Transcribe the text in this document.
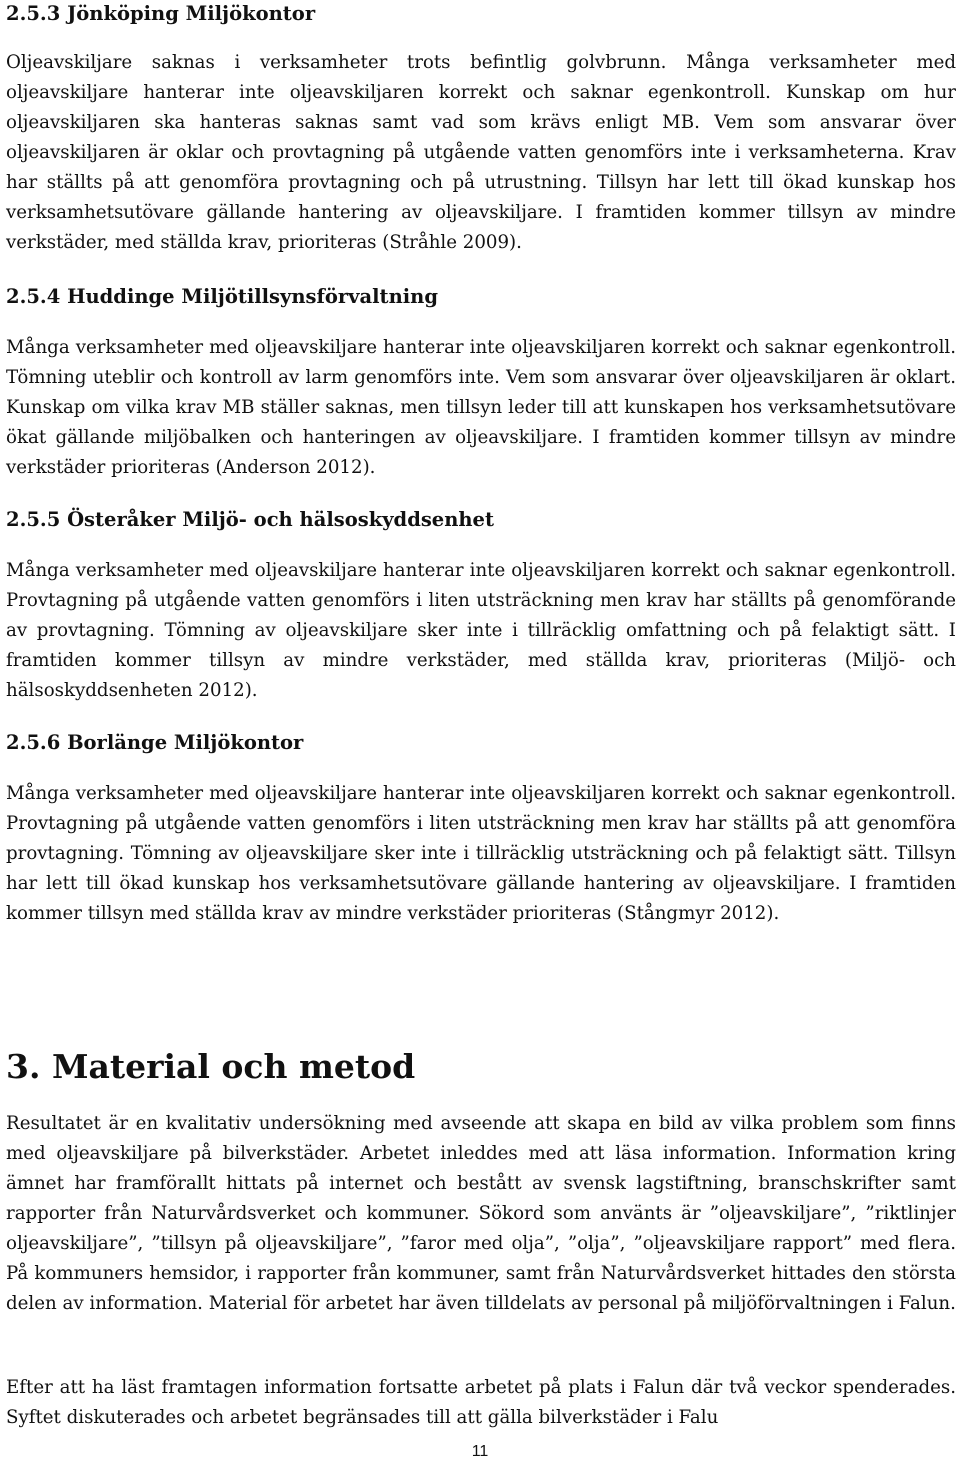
2.5.3 Jönköping Miljökontor

Oljeavskiljare saknas i verksamheter trots befintlig golvbrunn. Många verksamheter med oljeavskiljare hanterar inte oljeavskiljaren korrekt och saknar egenkontroll. Kunskap om hur oljeavskiljaren ska hanteras saknas samt vad som krävs enligt MB. Vem som ansvarar över oljeavskiljaren är oklar och provtagning på utgående vatten genomförs inte i verksamheterna. Krav har ställts på att genomföra provtagning och på utrustning. Tillsyn har lett till ökad kunskap hos verksamhetsutövare gällande hantering av oljeavskiljare. I framtiden kommer tillsyn av mindre verkstäder, med ställda krav, prioriteras (Stråhle 2009).

2.5.4 Huddinge Miljötillsynsförvaltning

Många verksamheter med oljeavskiljare hanterar inte oljeavskiljaren korrekt och saknar egenkontroll. Tömning uteblir och kontroll av larm genomförs inte. Vem som ansvarar över oljeavskiljaren är oklart. Kunskap om vilka krav MB ställer saknas, men tillsyn leder till att kunskapen hos verksamhetsutövare ökat gällande miljöbalken och hanteringen av oljeavskiljare. I framtiden kommer tillsyn av mindre verkstäder prioriteras (Anderson 2012).

2.5.5 Österåker Miljö- och hälsoskyddsenhet

Många verksamheter med oljeavskiljare hanterar inte oljeavskiljaren korrekt och saknar egenkontroll. Provtagning på utgående vatten genomförs i liten utsträckning men krav har ställts på genomförande av provtagning. Tömning av oljeavskiljare sker inte i tillräcklig omfattning och på felaktigt sätt. I framtiden kommer tillsyn av mindre verkstäder, med ställda krav, prioriteras (Miljö- och hälsoskyddsenheten 2012).

2.5.6 Borlänge Miljökontor

Många verksamheter med oljeavskiljare hanterar inte oljeavskiljaren korrekt och saknar egenkontroll. Provtagning på utgående vatten genomförs i liten utsträckning men krav har ställts på att genomföra provtagning. Tömning av oljeavskiljare sker inte i tillräcklig utsträckning och på felaktigt sätt. Tillsyn har lett till ökad kunskap hos verksamhetsutövare gällande hantering av oljeavskiljare. I framtiden kommer tillsyn med ställda krav av mindre verkstäder prioriteras (Stångmyr 2012).

3. Material och metod

Resultatet är en kvalitativ undersökning med avseende att skapa en bild av vilka problem som finns med oljeavskiljare på bilverkstäder. Arbetet inleddes med att läsa information. Information kring ämnet har framförallt hittats på internet och bestått av svensk lagstiftning, branschskrifter samt rapporter från Naturvårdsverket och kommuner. Sökord som använts är ”oljeavskiljare”, ”riktlinjer oljeavskiljare”, ”tillsyn på oljeavskiljare”, ”faror med olja”, ”olja”, ”oljeavskiljare rapport” med flera. På kommuners hemsidor, i rapporter från kommuner, samt från Naturvårdsverket hittades den största delen av information. Material för arbetet har även tilldelats av personal på miljöförvaltningen i Falun.

Efter att ha läst framtagen information fortsatte arbetet på plats i Falun där två veckor spenderades. Syftet diskuterades och arbetet begränsades till att gälla bilverkstäder i Falu

11
